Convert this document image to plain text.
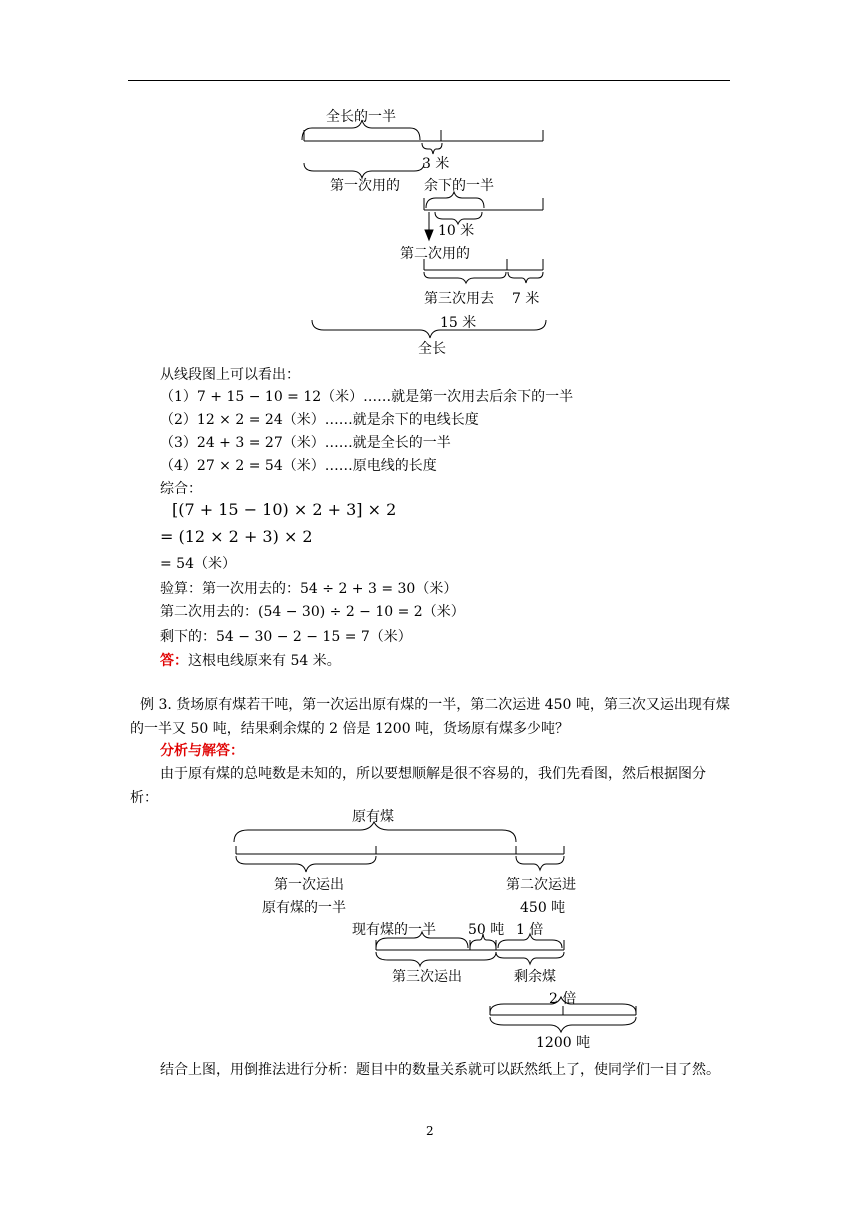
全长的一半
3 米
第一次用的 余下的一半
10 米
第二次用的
第三次用去 7 米
15 米
全长
从线段图上可以看出：
（1）7 + 15 − 10 = 12（米）……就是第一次用去后余下的一半
（2）12 × 2 = 24（米）……就是余下的电线长度
（3）24 + 3 = 27（米）……就是全长的一半
（4）27 × 2 = 54（米）……原电线的长度
综合：
[(7 + 15 − 10) × 2 + 3] × 2
= (12 × 2 + 3) × 2
= 54（米）
验算：第一次用去的：54 ÷ 2 + 3 = 30（米）
第二次用去的：(54 − 30) ÷ 2 − 10 = 2（米）
剩下的：54 − 30 − 2 − 15 = 7（米）
答：这根电线原来有 54 米。
例 3. 货场原有煤若干吨，第一次运出原有煤的一半，第二次运进 450 吨，第三次又运出现有煤的一半又 50 吨，结果剩余煤的 2 倍是 1200 吨，货场原有煤多少吨？
分析与解答：
由于原有煤的总吨数是未知的，所以要想顺解是很不容易的，我们先看图，然后根据图分析：
原有煤
第一次运出
原有煤的一半
第二次运进
450 吨
现有煤的一半 50 吨 1 倍
第三次运出	剩余煤
2 倍
1200 吨
结合上图，用倒推法进行分析：题目中的数量关系就可以跃然纸上了，使同学们一目了然。
2
